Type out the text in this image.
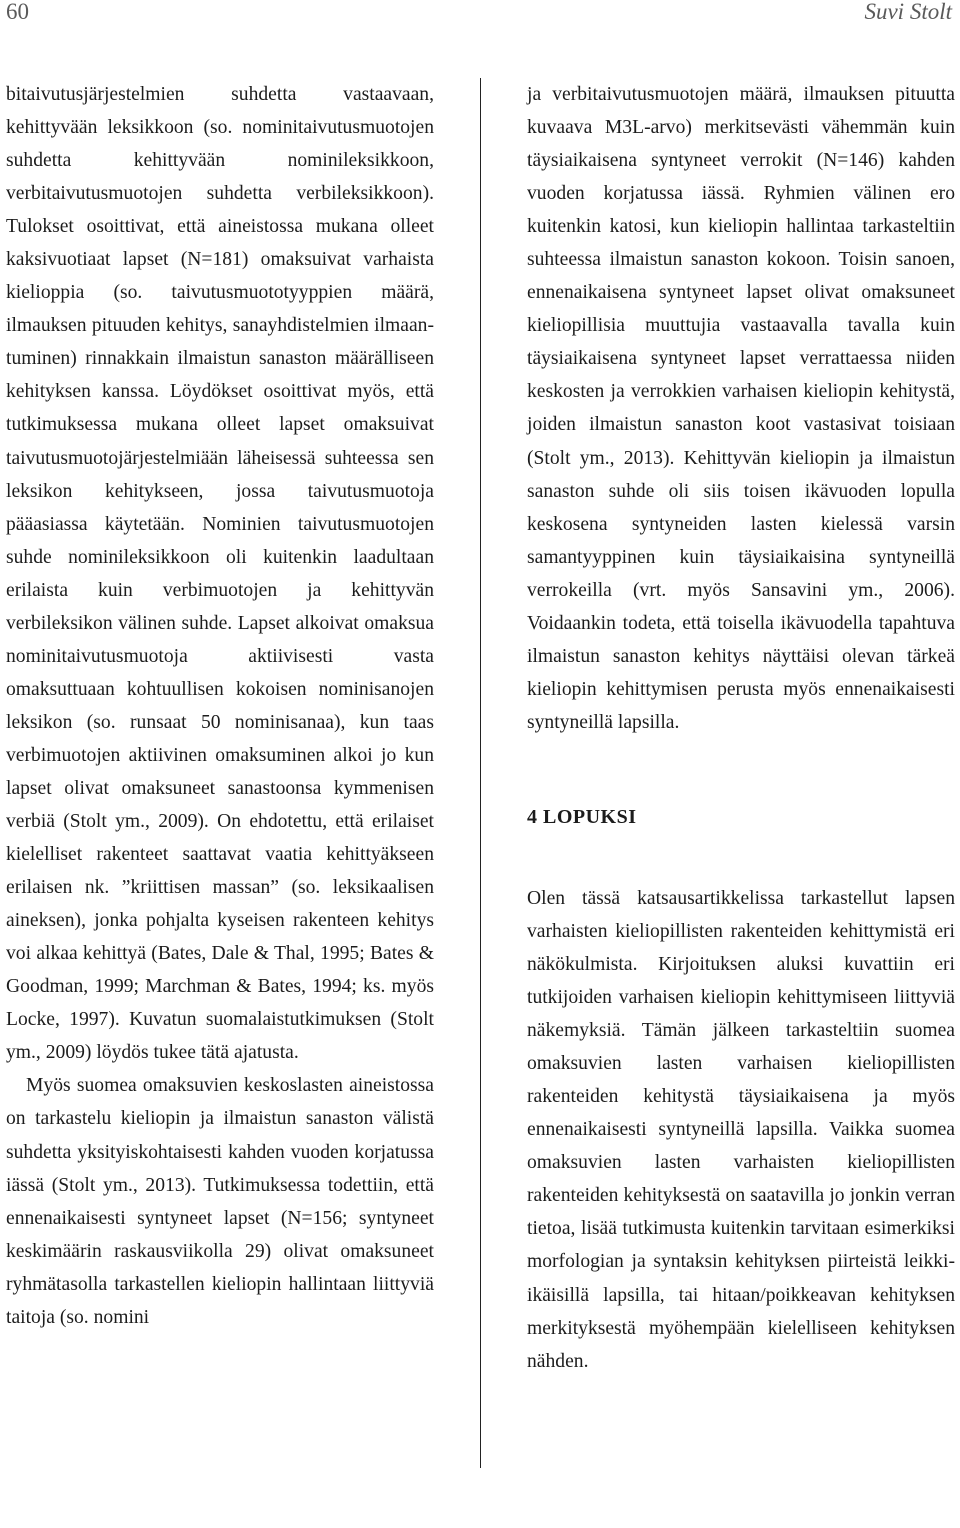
60	Suvi Stolt

bitaivutusjärjestelmien suhdetta vastaavaan, kehittyvään leksikkoon (so. nominitaivutusmuotojen suhdetta kehittyvään nominileksikkoon, verbitaivutusmuotojen suhdetta verbileksikkoon). Tulokset osoittivat, että aineistossa mukana olleet kaksivuotiaat lapset (N=181) omaksuivat varhaista kielioppia (so. taivutusmuototyyppien määrä, ilmauksen pituuden kehitys, sanayhdistelmien ilmaantuminen) rinnakkain ilmaistun sanaston määrälliseen kehityksen kanssa. Löydökset osoittivat myös, että tutkimuksessa mukana olleet lapset omaksuivat taivutusmuotojärjestelmiään läheisessä suhteessa sen leksikon kehitykseen, jossa taivutusmuotoja pääasiassa käytetään. Nominien taivutusmuotojen suhde nominileksikkoon oli kuitenkin laadultaan erilaista kuin verbimuotojen ja kehittyvän verbileksikon välinen suhde. Lapset alkoivat omaksua nominitaivutusmuotoja aktiivisesti vasta omaksuttuaan kohtuullisen kokoisen nominisanojen leksikon (so. runsaat 50 nominisanaa), kun taas verbimuotojen aktiivinen omaksuminen alkoi jo kun lapset olivat omaksuneet sanastoonsa kymmenisen verbiä (Stolt ym., 2009). On ehdotettu, että erilaiset kielelliset rakenteet saattavat vaatia kehittyäkseen erilaisen nk. ”kriittisen massan” (so. leksikaalisen aineksen), jonka pohjalta kyseisen rakenteen kehitys voi alkaa kehittyä (Bates, Dale & Thal, 1995; Bates & Goodman, 1999; Marchman & Bates, 1994; ks. myös Locke, 1997). Kuvatun suomalaistutkimuksen (Stolt ym., 2009) löydös tukee tätä ajatusta.

Myös suomea omaksuvien keskoslasten aineistossa on tarkastelu kieliopin ja ilmaistun sanaston välistä suhdetta yksityiskohtaisesti kahden vuoden korjatussa iässä (Stolt ym., 2013). Tutkimuksessa todettiin, että ennenaikaisesti syntyneet lapset (N=156; syntyneet keskimäärin raskausviikolla 29) olivat omaksuneet ryhmätasolla tarkastellen kieliopin hallintaan liittyviä taitoja (so. nomini

ja verbitaivutusmuotojen määrä, ilmauksen pituutta kuvaava M3L-arvo) merkitsevästi vähemmän kuin täysiaikaisena syntyneet verrokit (N=146) kahden vuoden korjatussa iässä. Ryhmien välinen ero kuitenkin katosi, kun kieliopin hallintaa tarkasteltiin suhteessa ilmaistun sanaston kokoon. Toisin sanoen, ennenaikaisena syntyneet lapset olivat omaksuneet kieliopillisia muuttujia vastaavalla tavalla kuin täysiaikaisena syntyneet lapset verrattaessa niiden keskosten ja verrokkien varhaisen kieliopin kehitystä, joiden ilmaistun sanaston koot vastasivat toisiaan (Stolt ym., 2013). Kehittyvän kieliopin ja ilmaistun sanaston suhde oli siis toisen ikävuoden lopulla keskosena syntyneiden lasten kielessä varsin samantyyppinen kuin täysiaikaisina syntyneillä verrokeilla (vrt. myös Sansavini ym., 2006). Voidaankin todeta, että toisella ikävuodella tapahtuva ilmaistun sanaston kehitys näyttäisi olevan tärkeä kieliopin kehittymisen perusta myös ennenaikaisesti syntyneillä lapsilla.

4 LOPUKSI

Olen tässä katsausartikkelissa tarkastellut lapsen varhaisten kieliopillisten rakenteiden kehittymistä eri näkökulmista. Kirjoituksen aluksi kuvattiin eri tutkijoiden varhaisen kieliopin kehittymiseen liittyviä näkemyksiä. Tämän jälkeen tarkasteltiin suomea omaksuvien lasten varhaisen kieliopillisten rakenteiden kehitystä täysiaikaisena ja myös ennenaikaisesti syntyneillä lapsilla. Vaikka suomea omaksuvien lasten varhaisten kieliopillisten rakenteiden kehityksestä on saatavilla jo jonkin verran tietoa, lisää tutkimusta kuitenkin tarvitaan esimerkiksi morfologian ja syntaksin kehityksen piirteistä leikki-ikäisillä lapsilla, tai hitaan/poikkeavan kehityksen merkityksestä myöhempään kielelliseen kehityksen nähden.
